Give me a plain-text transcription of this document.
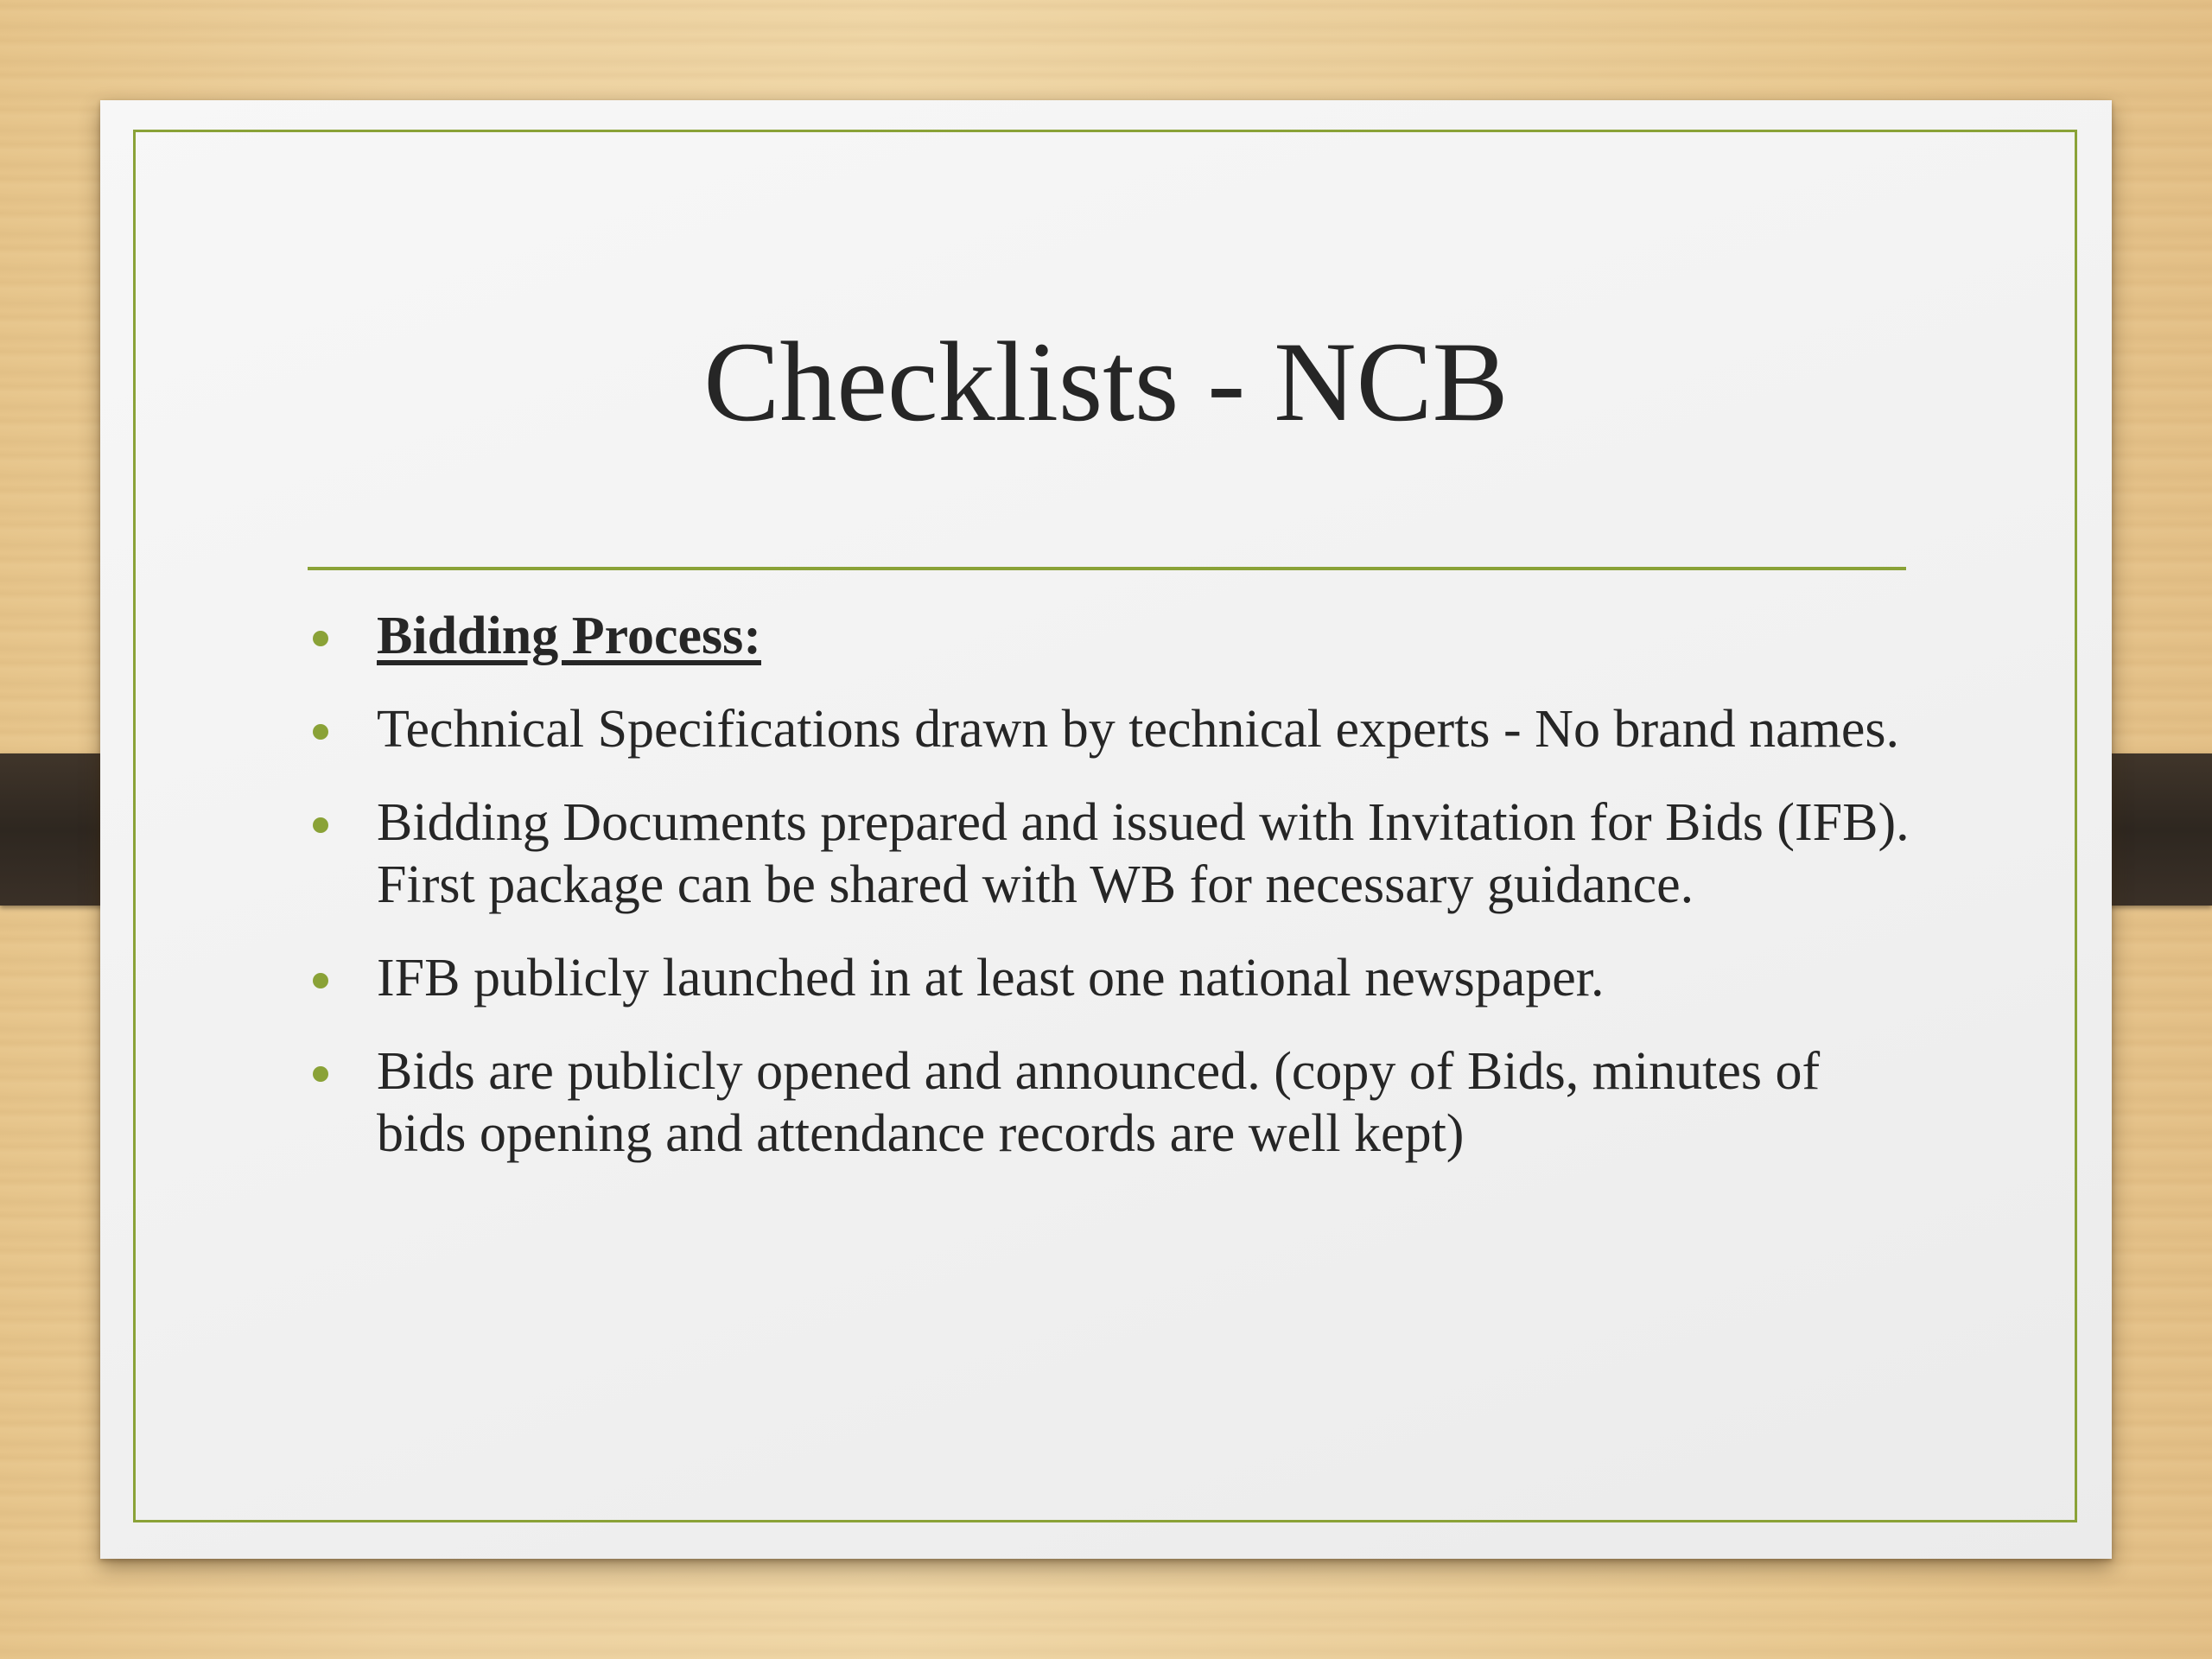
Checklists - NCB
Bidding Process:
Technical Specifications drawn by technical experts - No brand names.
Bidding Documents prepared and issued with Invitation for Bids (IFB). First package can be shared with WB for necessary guidance.
IFB publicly launched in at least one national newspaper.
Bids are publicly opened and announced. (copy of Bids, minutes of bids opening and attendance records are well kept)
